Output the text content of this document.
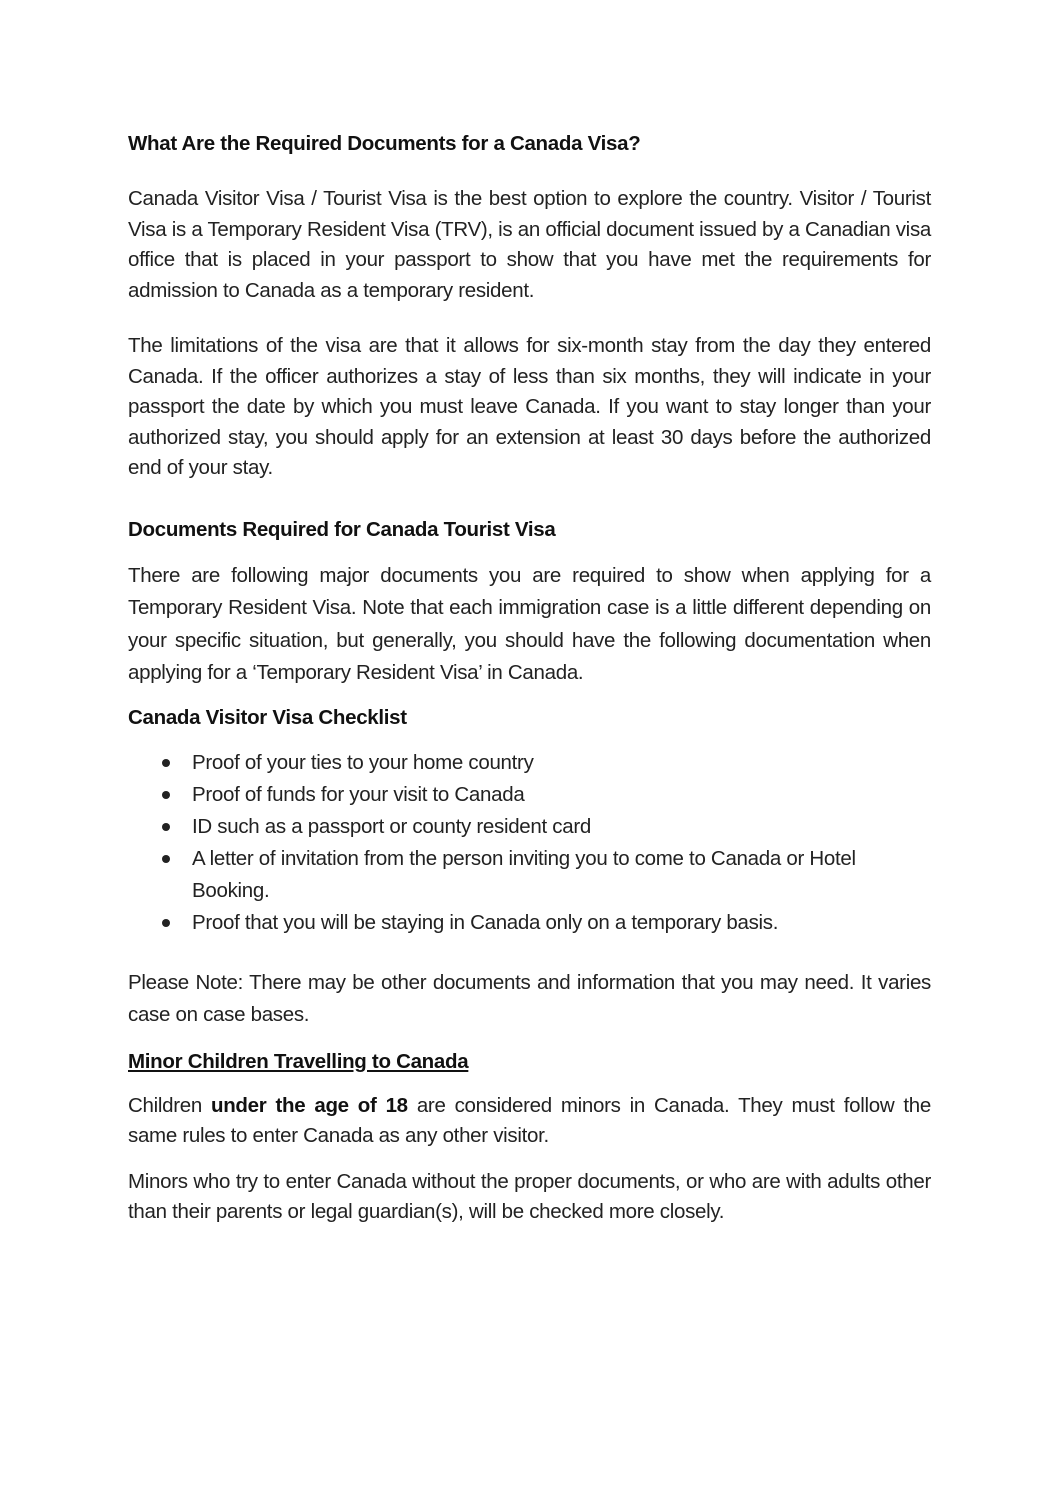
What Are the Required Documents for a Canada Visa?

Canada Visitor Visa / Tourist Visa is the best option to explore the country. Visitor / Tourist Visa is a Temporary Resident Visa (TRV), is an official document issued by a Canadian visa office that is placed in your passport to show that you have met the requirements for admission to Canada as a temporary resident.

The limitations of the visa are that it allows for six-month stay from the day they entered Canada. If the officer authorizes a stay of less than six months, they will indicate in your passport the date by which you must leave Canada. If you want to stay longer than your authorized stay, you should apply for an extension at least 30 days before the authorized end of your stay.

Documents Required for Canada Tourist Visa

There are following major documents you are required to show when applying for a Temporary Resident Visa. Note that each immigration case is a little different depending on your specific situation, but generally, you should have the following documentation when applying for a ‘Temporary Resident Visa’ in Canada.

Canada Visitor Visa Checklist
Proof of your ties to your home country
Proof of funds for your visit to Canada
ID such as a passport or county resident card
A letter of invitation from the person inviting you to come to Canada or Hotel Booking.
Proof that you will be staying in Canada only on a temporary basis.

Please Note: There may be other documents and information that you may need. It varies case on case bases.

Minor Children Travelling to Canada

Children under the age of 18 are considered minors in Canada. They must follow the same rules to enter Canada as any other visitor.

Minors who try to enter Canada without the proper documents, or who are with adults other than their parents or legal guardian(s), will be checked more closely.
